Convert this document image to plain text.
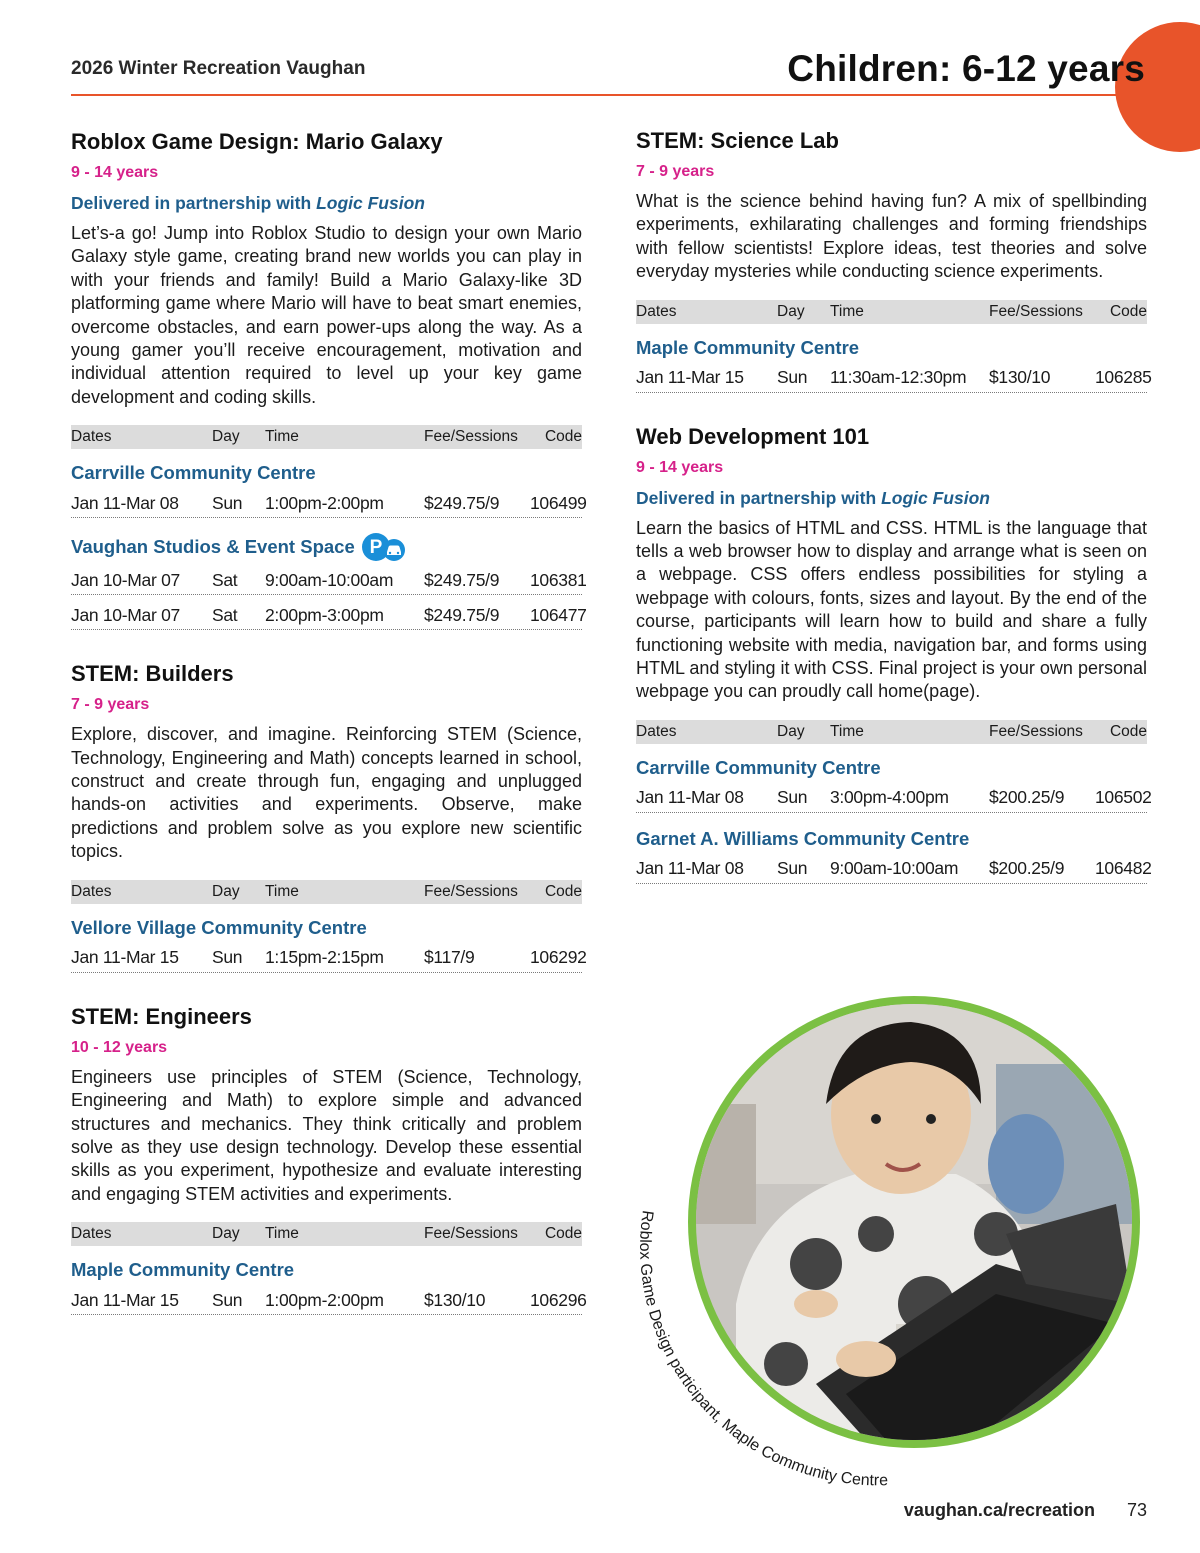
2026 Winter Recreation Vaughan	Children: 6-12 years
Roblox Game Design: Mario Galaxy
9 - 14 years
Delivered in partnership with Logic Fusion
Let’s-a go! Jump into Roblox Studio to design your own Mario Galaxy style game, creating brand new worlds you can play in with your friends and family! Build a Mario Galaxy-like 3D platforming game where Mario will have to beat smart enemies, overcome obstacles, and earn power-ups along the way. As a young gamer you’ll receive encouragement, motivation and individual attention required to level up your key game development and coding skills.
Dates	Day	Time	Fee/Sessions	Code
Carrville Community Centre
Jan 11-Mar 08	Sun	1:00pm-2:00pm	$249.75/9	106499
Vaughan Studios & Event Space P
Jan 10-Mar 07	Sat	9:00am-10:00am	$249.75/9	106381
Jan 10-Mar 07	Sat	2:00pm-3:00pm	$249.75/9	106477
STEM: Builders
7 - 9 years
Explore, discover, and imagine. Reinforcing STEM (Science, Technology, Engineering and Math) concepts learned in school, construct and create through fun, engaging and unplugged hands-on activities and experiments. Observe, make predictions and problem solve as you explore new scientific topics.
Dates	Day	Time	Fee/Sessions	Code
Vellore Village Community Centre
Jan 11-Mar 15	Sun	1:15pm-2:15pm	$117/9	106292
STEM: Engineers
10 - 12 years
Engineers use principles of STEM (Science, Technology, Engineering and Math) to explore simple and advanced structures and mechanics. They think critically and problem solve as they use design technology. Develop these essential skills as you experiment, hypothesize and evaluate interesting and engaging STEM activities and experiments.
Dates	Day	Time	Fee/Sessions	Code
Maple Community Centre
Jan 11-Mar 15	Sun	1:00pm-2:00pm	$130/10	106296
STEM: Science Lab
7 - 9 years
What is the science behind having fun? A mix of spellbinding experiments, exhilarating challenges and forming friendships with fellow scientists! Explore ideas, test theories and solve everyday mysteries while conducting science experiments.
Dates	Day	Time	Fee/Sessions	Code
Maple Community Centre
Jan 11-Mar 15	Sun	11:30am-12:30pm	$130/10	106285
Web Development 101
9 - 14 years
Delivered in partnership with Logic Fusion
Learn the basics of HTML and CSS. HTML is the language that tells a web browser how to display and arrange what is seen on a webpage. CSS offers endless possibilities for styling a webpage with colours, fonts, sizes and layout. By the end of the course, participants will learn how to build and share a fully functioning website with media, navigation bar, and forms using HTML and styling it with CSS. Final project is your own personal webpage you can proudly call home(page).
Dates	Day	Time	Fee/Sessions	Code
Carrville Community Centre
Jan 11-Mar 08	Sun	3:00pm-4:00pm	$200.25/9	106502
Garnet A. Williams Community Centre
Jan 11-Mar 08	Sun	9:00am-10:00am	$200.25/9	106482
Roblox Game Design participant, Maple Community Centre
vaughan.ca/recreation 73
